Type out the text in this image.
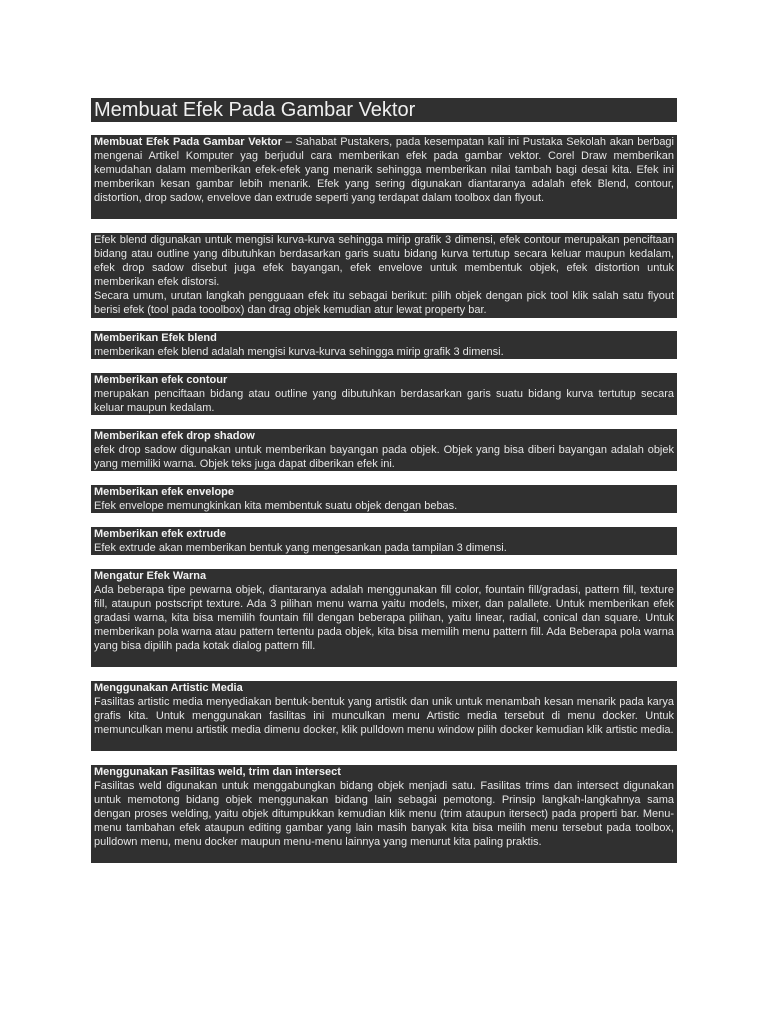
Membuat Efek Pada Gambar Vektor

Membuat Efek Pada Gambar Vektor – Sahabat Pustakers, pada kesempatan kali ini Pustaka Sekolah akan berbagi mengenai Artikel Komputer yag berjudul cara memberikan efek pada gambar vektor. Corel Draw memberikan kemudahan dalam memberikan efek-efek yang menarik sehingga memberikan nilai tambah bagi desai kita. Efek ini memberikan kesan gambar lebih menarik. Efek yang sering digunakan diantaranya adalah efek Blend, contour, distortion, drop sadow, envelove dan extrude seperti yang terdapat dalam toolbox dan flyout.

Efek blend digunakan untuk mengisi kurva-kurva sehingga mirip grafik 3 dimensi, efek contour merupakan penciftaan bidang atau outline yang dibutuhkan berdasarkan garis suatu bidang kurva tertutup secara keluar maupun kedalam, efek drop sadow disebut juga efek bayangan, efek envelove untuk membentuk objek, efek distortion untuk memberikan efek distorsi.

Secara umum, urutan langkah pengguaan efek itu sebagai berikut: pilih objek dengan pick tool klik salah satu flyout berisi efek (tool pada tooolbox) dan drag objek kemudian atur lewat property bar.

Memberikan Efek blend

memberikan efek blend adalah mengisi kurva-kurva sehingga mirip grafik 3 dimensi.

Memberikan efek contour

merupakan penciftaan bidang atau outline yang dibutuhkan berdasarkan garis suatu bidang kurva tertutup secara keluar maupun kedalam.

Memberikan efek drop shadow

efek drop sadow digunakan untuk memberikan bayangan pada objek. Objek yang bisa diberi bayangan adalah objek yang memiliki warna. Objek teks juga dapat diberikan efek ini.

Memberikan efek envelope

Efek envelope memungkinkan kita membentuk suatu objek dengan bebas.

Memberikan efek extrude

Efek extrude akan memberikan bentuk yang mengesankan pada tampilan 3 dimensi.

Mengatur Efek Warna

Ada beberapa tipe pewarna objek, diantaranya adalah menggunakan fill color, fountain fill/gradasi, pattern fill, texture fill, ataupun postscript texture. Ada 3 pilihan menu warna yaitu models, mixer, dan palallete. Untuk memberikan efek gradasi warna, kita bisa memilih fountain fill dengan beberapa pilihan, yaitu linear, radial, conical dan square. Untuk memberikan pola warna atau pattern tertentu pada objek, kita bisa memilih menu pattern fill. Ada Beberapa pola warna yang bisa dipilih pada kotak dialog pattern fill.

Menggunakan Artistic Media

Fasilitas artistic media menyediakan bentuk-bentuk yang artistik dan unik untuk menambah kesan menarik pada karya grafis kita. Untuk menggunakan fasilitas ini munculkan menu Artistic media tersebut di menu docker. Untuk memunculkan menu artistik media dimenu docker, klik pulldown menu window pilih docker kemudian klik artistic media.

Menggunakan Fasilitas weld, trim dan intersect

Fasilitas weld digunakan untuk menggabungkan bidang objek menjadi satu. Fasilitas trims dan intersect digunakan untuk memotong bidang objek menggunakan bidang lain sebagai pemotong. Prinsip langkah-langkahnya sama dengan proses welding, yaitu objek ditumpukkan kemudian klik menu (trim ataupun itersect) pada properti bar. Menu-menu tambahan efek ataupun editing gambar yang lain masih banyak kita bisa meilih menu tersebut pada toolbox, pulldown menu, menu docker maupun menu-menu lainnya yang menurut kita paling praktis.
